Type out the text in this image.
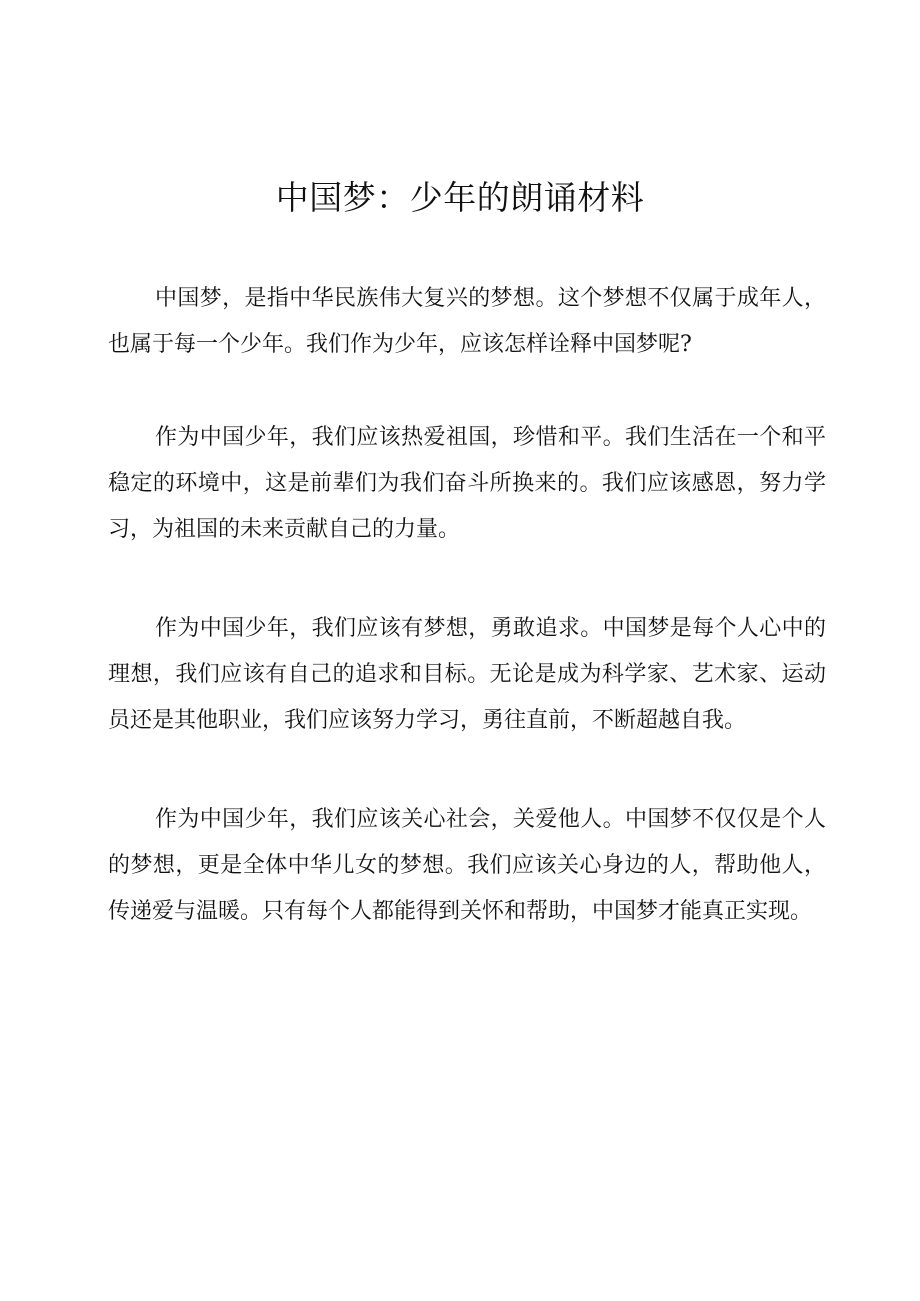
中国梦：少年的朗诵材料

中国梦，是指中华民族伟大复兴的梦想。这个梦想不仅属于成年人，也属于每一个少年。我们作为少年，应该怎样诠释中国梦呢?

作为中国少年，我们应该热爱祖国，珍惜和平。我们生活在一个和平稳定的环境中，这是前辈们为我们奋斗所换来的。我们应该感恩，努力学习，为祖国的未来贡献自己的力量。

作为中国少年，我们应该有梦想，勇敢追求。中国梦是每个人心中的理想，我们应该有自己的追求和目标。无论是成为科学家、艺术家、运动员还是其他职业，我们应该努力学习，勇往直前，不断超越自我。

作为中国少年，我们应该关心社会，关爱他人。中国梦不仅仅是个人的梦想，更是全体中华儿女的梦想。我们应该关心身边的人，帮助他人，传递爱与温暖。只有每个人都能得到关怀和帮助，中国梦才能真正实现。
